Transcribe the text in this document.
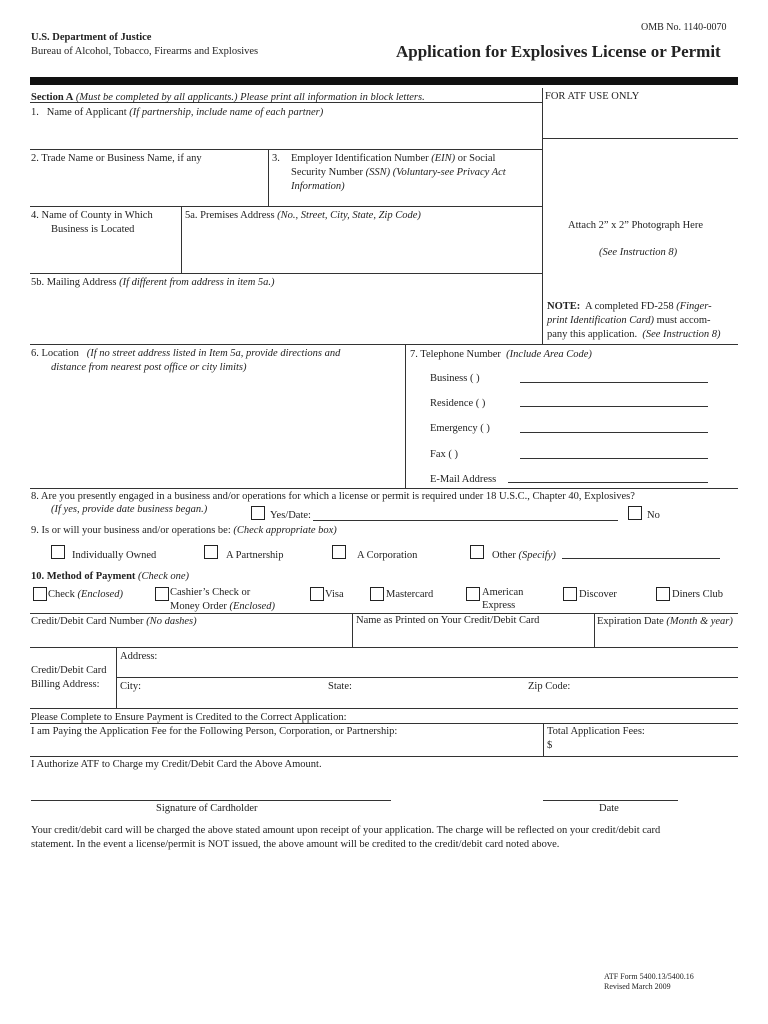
OMB No. 1140-0070
U.S. Department of Justice
Bureau of Alcohol, Tobacco, Firearms and Explosives	Application for Explosives License or Permit
Section A (Must be completed by all applicants.) Please print all information in block letters.	FOR ATF USE ONLY
1. Name of Applicant (If partnership, include name of each partner)
2. Trade Name or Business Name, if any	3. Employer Identification Number (EIN) or Social
Security Number (SSN) (Voluntary-see Privacy Act
Information)
4. Name of County in Which
Business is Located
5a. Premises Address (No., Street, City, State, Zip Code)
5b. Mailing Address (If different from address in item 5a.)
Attach 2” x 2” Photograph Here
(See Instruction 8)
NOTE: A completed FD-258 (Finger-
print Identification Card) must accom-
pany this application. (See Instruction 8)
6. Location (If no street address listed in Item 5a, provide directions and
distance from nearest post office or city limits)
7. Telephone Number (Include Area Code)
Business ( )
Residence ( )
Emergency ( )
Fax ( )
E-Mail Address
8. Are you presently engaged in a business and/or operations for which a license or permit is required under 18 U.S.C., Chapter 40, Explosives?
(If yes, provide date business began.)
Yes/Date:	No
9. Is or will your business and/or operations be: (Check appropriate box)
Individually Owned	A Partnership	A Corporation	Other (Specify)
10. Method of Payment (Check one)
Check (Enclosed)	Cashier’s Check or
Money Order (Enclosed)
Visa	Mastercard	American
Express
Discover	Diners Club
Credit/Debit Card Number (No dashes)	Name as Printed on Your Credit/Debit Card	Expiration Date (Month & year)
Credit/Debit Card
Billing Address:
Address:
City:	State:	Zip Code:
Please Complete to Ensure Payment is Credited to the Correct Application:
I am Paying the Application Fee for the Following Person, Corporation, or Partnership:	Total Application Fees:
$
I Authorize ATF to Charge my Credit/Debit Card the Above Amount.
Signature of Cardholder	Date
Your credit/debit card will be charged the above stated amount upon receipt of your application. The charge will be reflected on your credit/debit card
statement. In the event a license/permit is NOT issued, the above amount will be credited to the credit/debit card noted above.
ATF Form 5400.13/5400.16
Revised March 2009
